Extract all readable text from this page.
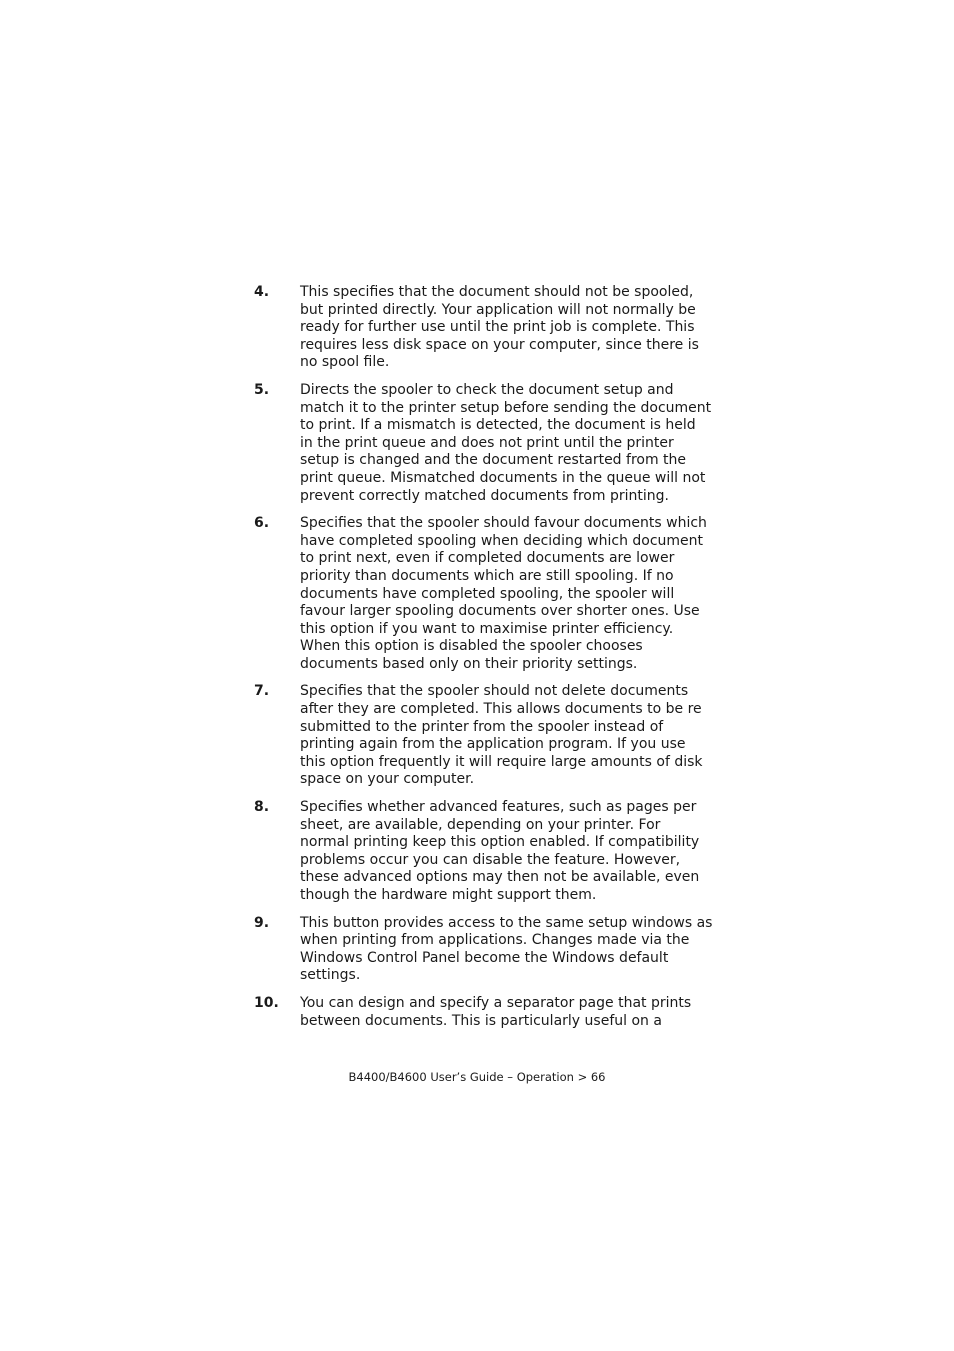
4.	This specifies that the document should not be spooled,
but printed directly. Your application will not normally be
ready for further use until the print job is complete. This
requires less disk space on your computer, since there is
no spool file.
5.	Directs the spooler to check the document setup and
match it to the printer setup before sending the document
to print. If a mismatch is detected, the document is held
in the print queue and does not print until the printer
setup is changed and the document restarted from the
print queue. Mismatched documents in the queue will not
prevent correctly matched documents from printing.
6.	Specifies that the spooler should favour documents which
have completed spooling when deciding which document
to print next, even if completed documents are lower
priority than documents which are still spooling. If no
documents have completed spooling, the spooler will
favour larger spooling documents over shorter ones. Use
this option if you want to maximise printer efficiency.
When this option is disabled the spooler chooses
documents based only on their priority settings.
7.	Specifies that the spooler should not delete documents
after they are completed. This allows documents to be re
submitted to the printer from the spooler instead of
printing again from the application program. If you use
this option frequently it will require large amounts of disk
space on your computer.
8.	Specifies whether advanced features, such as pages per
sheet, are available, depending on your printer. For
normal printing keep this option enabled. If compatibility
problems occur you can disable the feature. However,
these advanced options may then not be available, even
though the hardware might support them.
9.	This button provides access to the same setup windows as
when printing from applications. Changes made via the
Windows Control Panel become the Windows default
settings.
10.	You can design and specify a separator page that prints
between documents. This is particularly useful on a
B4400/B4600 User’s Guide – Operation > 66
